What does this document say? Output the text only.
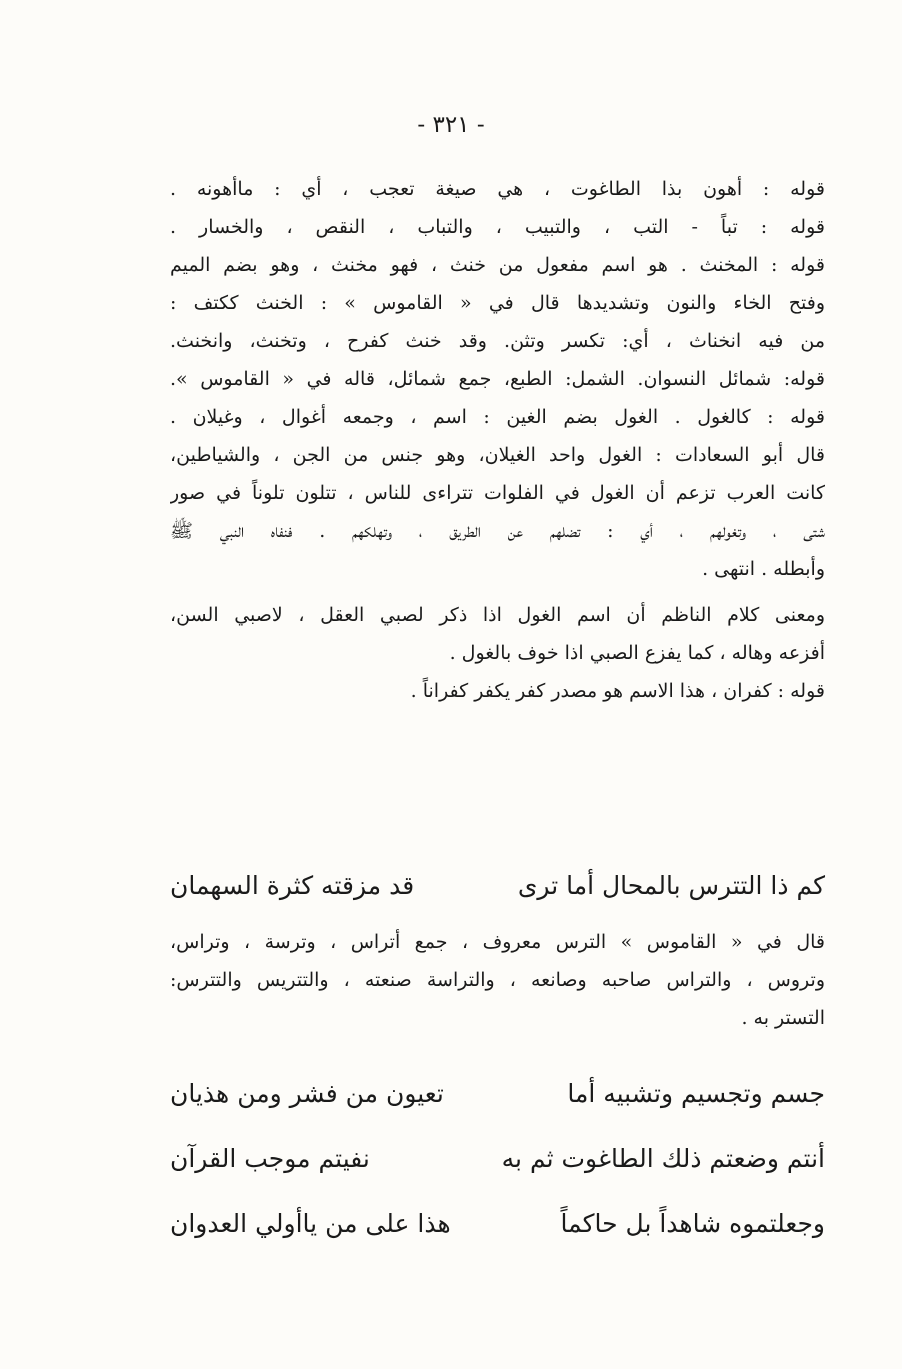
- ٣٢١ -
قوله : أهون بذا الطاغوت ، هي صيغة تعجب ، أي : ماأهونه .
قوله : تباً - التب ، والتبيب ، والتباب ، النقص ، والخسار .
قوله : المخنث . هو اسم مفعول من خنث ، فهو مخنث ، وهو بضم الميم
وفتح الخاء والنون وتشديدها قال في « القاموس » : الخنث ككتف :
من فيه انخناث ، أي: تكسر وتثن. وقد خنث كفرح ، وتخنث، وانخنث.
قوله: شمائل النسوان. الشمل: الطبع، جمع شمائل، قاله في « القاموس ».
قوله : كالغول . الغول بضم الغين : اسم ، وجمعه أغوال ، وغيلان .
قال أبو السعادات : الغول واحد الغيلان، وهو جنس من الجن ، والشياطين،
كانت العرب تزعم أن الغول في الفلوات تتراءى للناس ، تتلون تلوناً في صور
شتى ، وتغولهم ، أي : تضلهم عن الطريق ، وتهلكهم . فنفاه النبي ﷺ
وأبطله . انتهى .
ومعنى كلام الناظم أن اسم الغول اذا ذكر لصبي العقل ، لاصبي السن،
أفزعه وهاله ، كما يفزع الصبي اذا خوف بالغول .
قوله : كفران ، هذا الاسم هو مصدر كفر يكفر كفراناً .
كم ذا التترس بالمحال أما ترى
قد مزقته كثرة السهمان
قال في « القاموس » الترس معروف ، جمع أتراس ، وترسة ، وتراس،
وتروس ، والتراس صاحبه وصانعه ، والتراسة صنعته ، والتتريس والتترس:
التستر به .
جسم وتجسيم وتشبيه أما
تعيون من فشر ومن هذيان
أنتم وضعتم ذلك الطاغوت ثم به
نفيتم موجب القرآن
وجعلتموه شاهداً بل حاكماً
هذا على من ياأولي العدوان
